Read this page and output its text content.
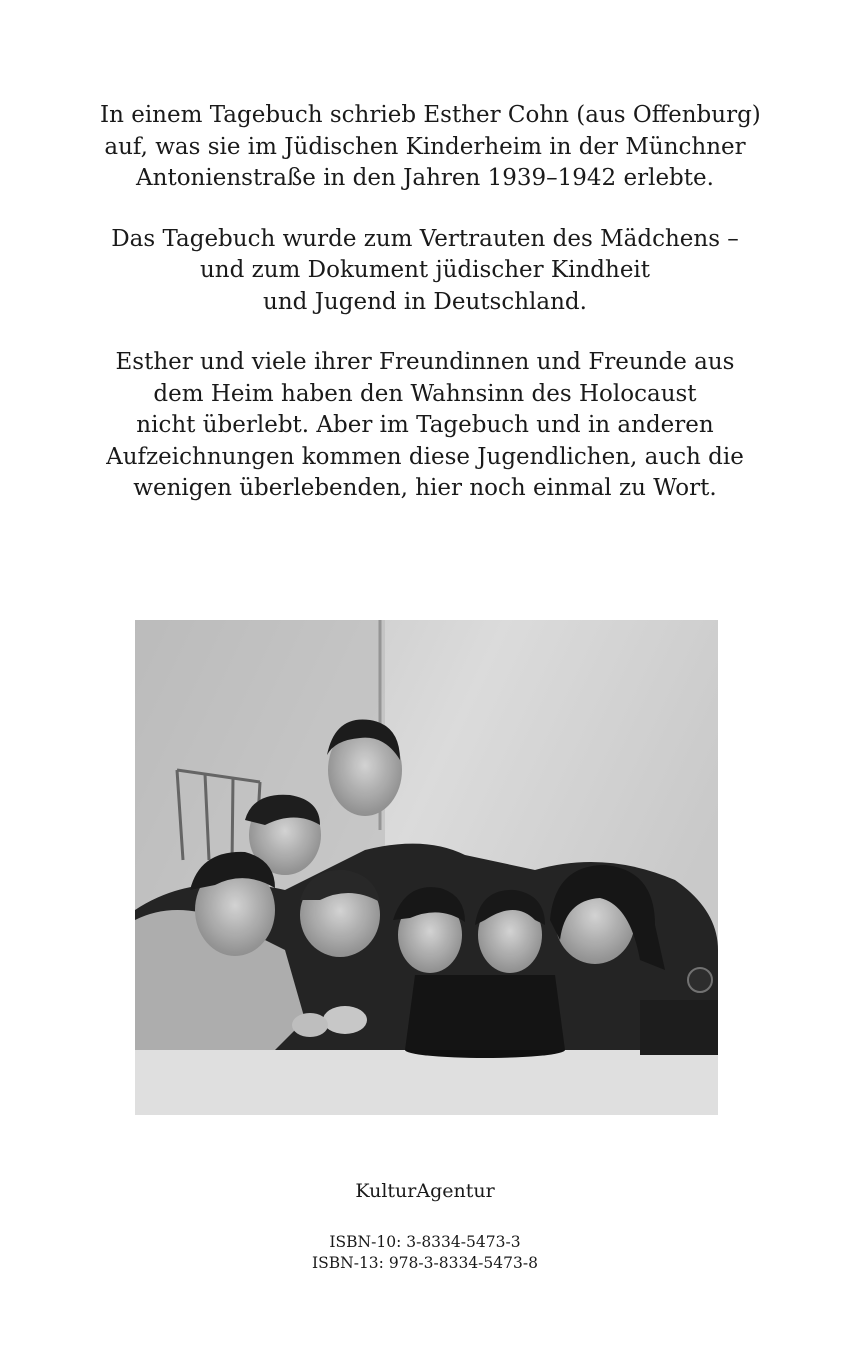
In einem Tagebuch schrieb Esther Cohn (aus Offenburg)
auf, was sie im Jüdischen Kinderheim in der Münchner
Antonienstraße in den Jahren 1939–1942 erlebte.

Das Tagebuch wurde zum Vertrauten des Mädchens –
und zum Dokument jüdischer Kindheit
und Jugend in Deutschland.

Esther und viele ihrer Freundinnen und Freunde aus
dem Heim haben den Wahnsinn des Holocaust
nicht überlebt. Aber im Tagebuch und in anderen
Aufzeichnungen kommen diese Jugendlichen, auch die
wenigen überlebenden, hier noch einmal zu Wort.

KulturAgentur
ISBN-10: 3-8334-5473-3
ISBN-13: 978-3-8334-5473-8
